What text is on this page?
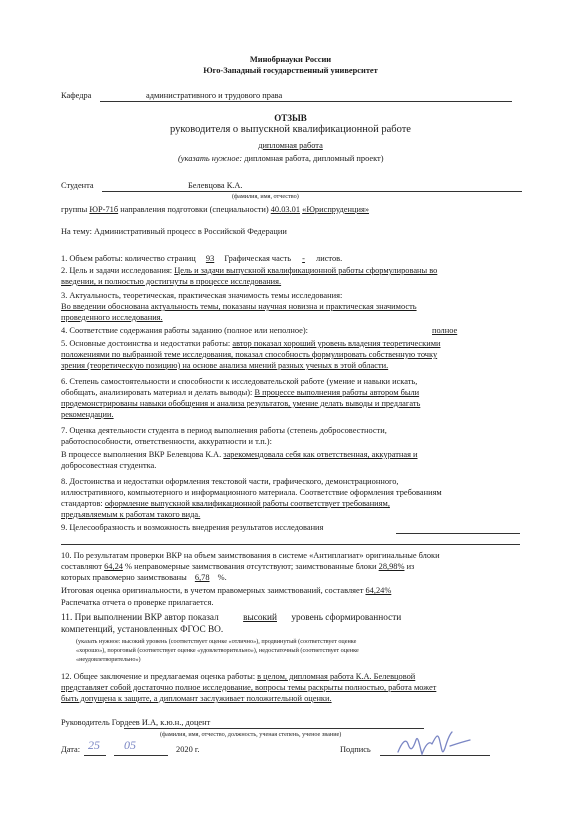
Минобрнауки России
Юго-Западный государственный университет
Кафедра	административного и трудового права
ОТЗЫВ
руководителя о выпускной квалификационной работе
дипломная работа
(указать нужное: дипломная работа, дипломный проект)
Студента	Белевцова К.А.
(фамилия, имя, отчество)
группы ЮР-71б направления подготовки (специальности) 40.03.01 «Юриспруденция»
На тему: Административный процесс в Российской Федерации
1. Объем работы: количество страниц 93 Графическая часть - листов.
2. Цель и задачи исследования: Цель и задачи выпускной квалификационной работы сформулированы во
введении, и полностью достигнуты в процессе исследования.
3. Актуальность, теоретическая, практическая значимость темы исследования:
Во введении обоснована актуальность темы, показаны научная новизна и практическая значимость
проведенного исследования.
4. Соответствие содержания работы заданию (полное или неполное):	полное
5. Основные достоинства и недостатки работы: автор показал хороший уровень владения теоретическими
положениями по выбранной теме исследования, показал способность формулировать собственную точку
зрения (теоретическую позицию) на основе анализа мнений разных ученых в этой области.
6. Степень самостоятельности и способности к исследовательской работе (умение и навыки искать,
обобщать, анализировать материал и делать выводы): В процессе выполнения работы автором были
продемонстрированы навыки обобщения и анализа результатов, умение делать выводы и предлагать
рекомендации.
7. Оценка деятельности студента в период выполнения работы (степень добросовестности,
работоспособности, ответственности, аккуратности и т.п.):
В процессе выполнения ВКР Белевцова К.А. зарекомендовала себя как ответственная, аккуратная и
добросовестная студентка.
8. Достоинства и недостатки оформления текстовой части, графического, демонстрационного,
иллюстративного, компьютерного и информационного материала. Соответствие оформления требованиям
стандартов: оформление выпускной квалификационной работы соответствует требованиям,
предъявляемым к работам такого вида.
9. Целесообразность и возможность внедрения результатов исследования
10. По результатам проверки ВКР на объем заимствования в системе «Антиплагиат» оригинальные блоки
составляют 64,24 % неправомерные заимствования отсутствуют; заимствованные блоки 28,98% из
которых правомерно заимствованы 6,78 %.
Итоговая оценка оригинальности, в учетом правомерных заимствований, составляет 64,24%
Распечатка отчета о проверке прилагается.
11. При выполнении ВКР автор показал	высокий уровень сформированности
компетенций, установленных ФГОС ВО.
(указать нужное: высокий уровень (соответствует оценке «отлично»), продвинутый (соответствует оценке
«хорошо»), пороговый (соответствует оценке «удовлетворительно»), недостаточный (соответствует оценке
«неудовлетворительно»)
12. Общее заключение и предлагаемая оценка работы: в целом, дипломная работа К.А. Белевцовой
представляет собой достаточно полное исследование, вопросы темы раскрыты полностью, работа может
быть допущена к защите, а дипломант заслуживает положительной оценки.
Руководитель Гордеев И.А, к.ю.н., доцент
(фамилия, имя, отчество, должность, ученая степень, ученое звание)
Дата: 25 05	2020 г.	Подпись
